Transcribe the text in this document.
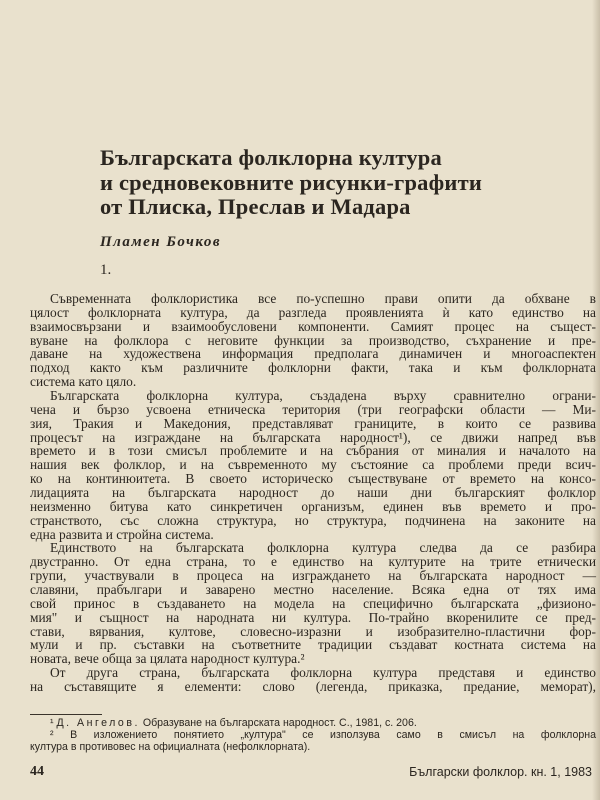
Българската фолклорна култура
и средновековните рисунки-графити
от Плиска, Преслав и Мадара
Пламен Бочков
1.
Съвременната фолклористика все по-успешно прави опити да обхване в
цялост фолклорната култура, да разгледа проявленията ѝ като единство на
взаимосвързани и взаимообусловени компоненти. Самият процес на същест-
вуване на фолклора с неговите функции за производство, съхранение и пре-
даване на художествена информация предполага динамичен и многоаспектен
подход както към различните фолклорни факти, така и към фолклорната
система като цяло.
Българската фолклорна култура, създадена върху сравнително ограни-
чена и бързо усвоена етническа територия (три географски области — Ми-
зия, Тракия и Македония, представляват границите, в които се развива
процесът на изграждане на българската народност¹), се движи напред във
времето и в този смисъл проблемите и на събрания от миналия и началото на
нашия век фолклор, и на съвременното му състояние са проблеми преди всич-
ко на континюитета. В своето историческо съществуване от времето на консо-
лидацията на българската народност до наши дни българският фолклор
неизменно битува като синкретичен организъм, единен във времето и про-
странството, със сложна структура, но структура, подчинена на законите на
една развита и стройна система.
Единството на българската фолклорна култура следва да се разбира
двустранно. От една страна, то е единство на културите на трите етнически
групи, участвували в процеса на изграждането на българската народност —
славяни, прабългари и заварено местно население. Всяка една от тях има
свой принос в създаването на модела на специфично българската „физионо-
мия" и същност на народната ни култура. По-трайно вкоренилите се пред-
стави, вярвания, култове, словесно-изразни и изобразително-пластични фор-
мули и пр. съставки на съответните традиции създават костната система на
новата, вече обща за цялата народност култура.²
От друга страна, българската фолклорна култура представя и единство
на съставящите я елементи: слово (легенда, приказка, предание, меморат),
¹ Д. Ангелов. Образуване на българската народност. С., 1981, с. 206.
² В изложението понятието „култура" се използува само в смисъл на фолклорна
култура в противовес на официалната (нефолклорната).
44	Български фолклор. кн. 1, 1983
